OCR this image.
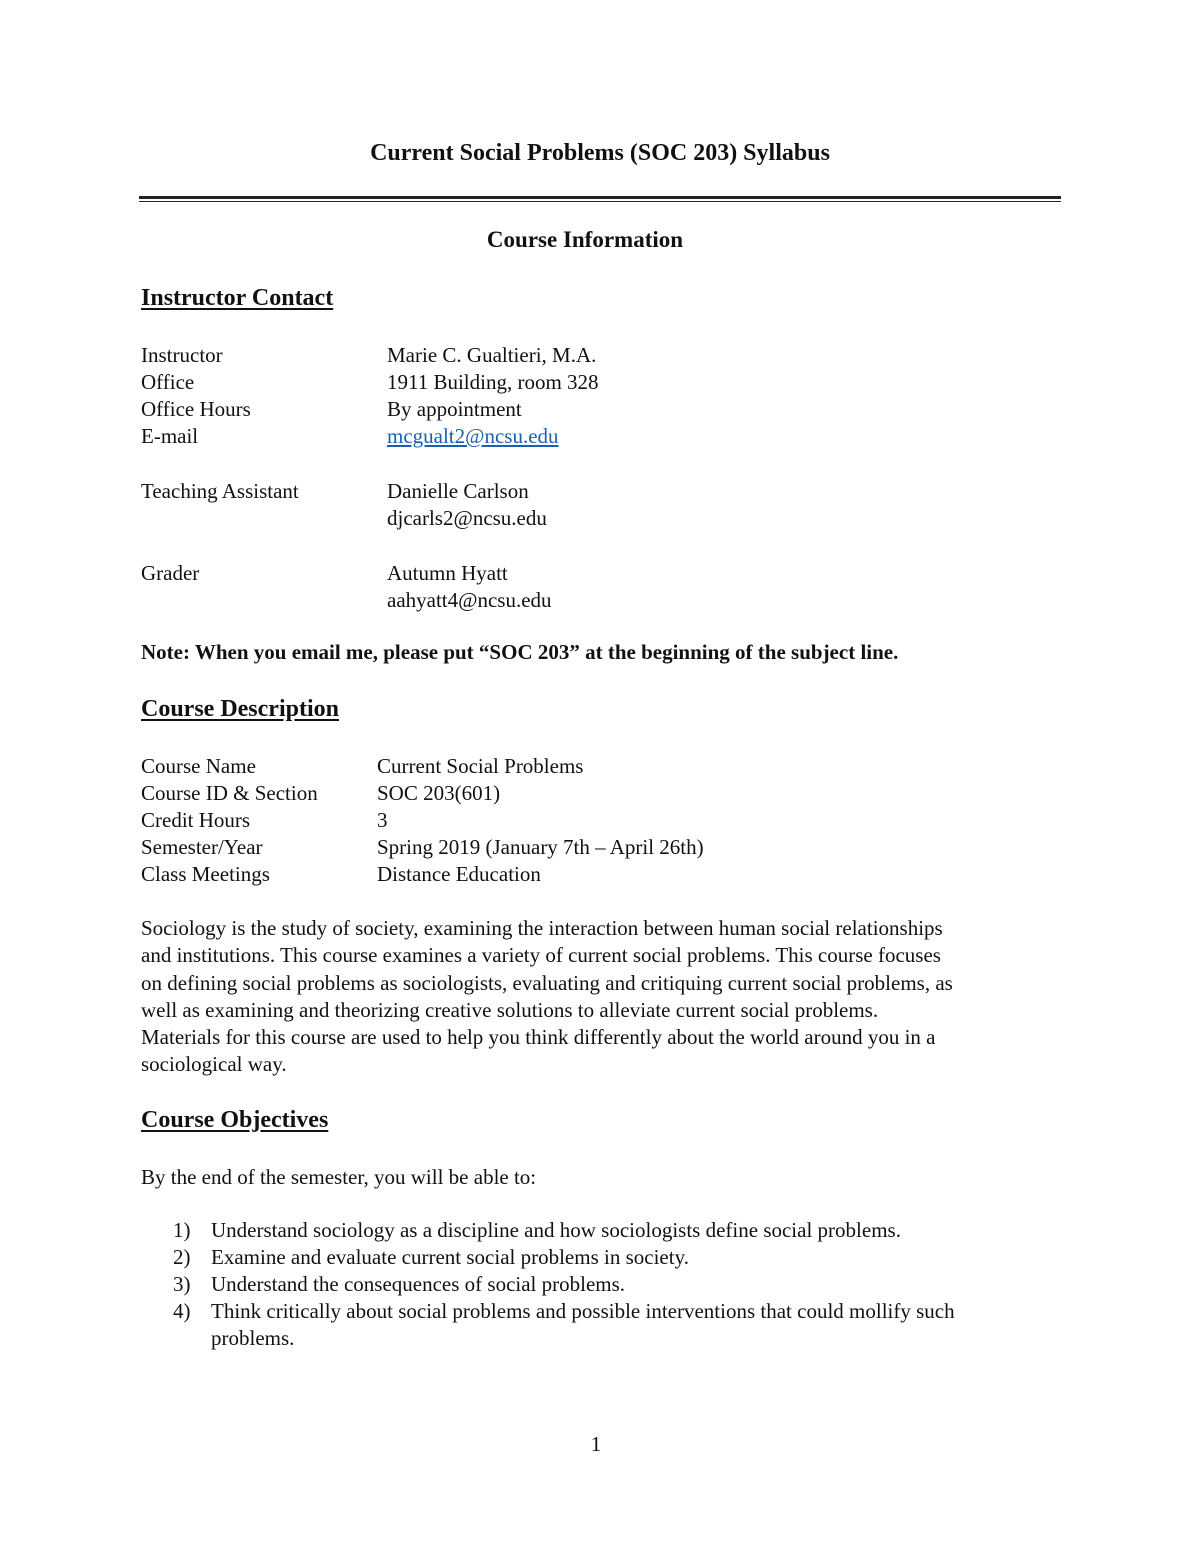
Current Social Problems (SOC 203) Syllabus
Course Information
Instructor Contact
Instructor	Marie C. Gualtieri, M.A.
Office	1911 Building, room 328
Office Hours	By appointment
E-mail	mcgualt2@ncsu.edu
Teaching Assistant	Danielle Carlson
djcarls2@ncsu.edu
Grader	Autumn Hyatt
aahyatt4@ncsu.edu
Note: When you email me, please put “SOC 203” at the beginning of the subject line.
Course Description
Course Name	Current Social Problems
Course ID & Section	SOC 203(601)
Credit Hours	3
Semester/Year	Spring 2019 (January 7th – April 26th)
Class Meetings	Distance Education
Sociology is the study of society, examining the interaction between human social relationships
and institutions. This course examines a variety of current social problems. This course focuses
on defining social problems as sociologists, evaluating and critiquing current social problems, as
well as examining and theorizing creative solutions to alleviate current social problems.
Materials for this course are used to help you think differently about the world around you in a
sociological way.
Course Objectives
By the end of the semester, you will be able to:
1) Understand sociology as a discipline and how sociologists define social problems.
2) Examine and evaluate current social problems in society.
3) Understand the consequences of social problems.
4) Think critically about social problems and possible interventions that could mollify such
problems.
1
